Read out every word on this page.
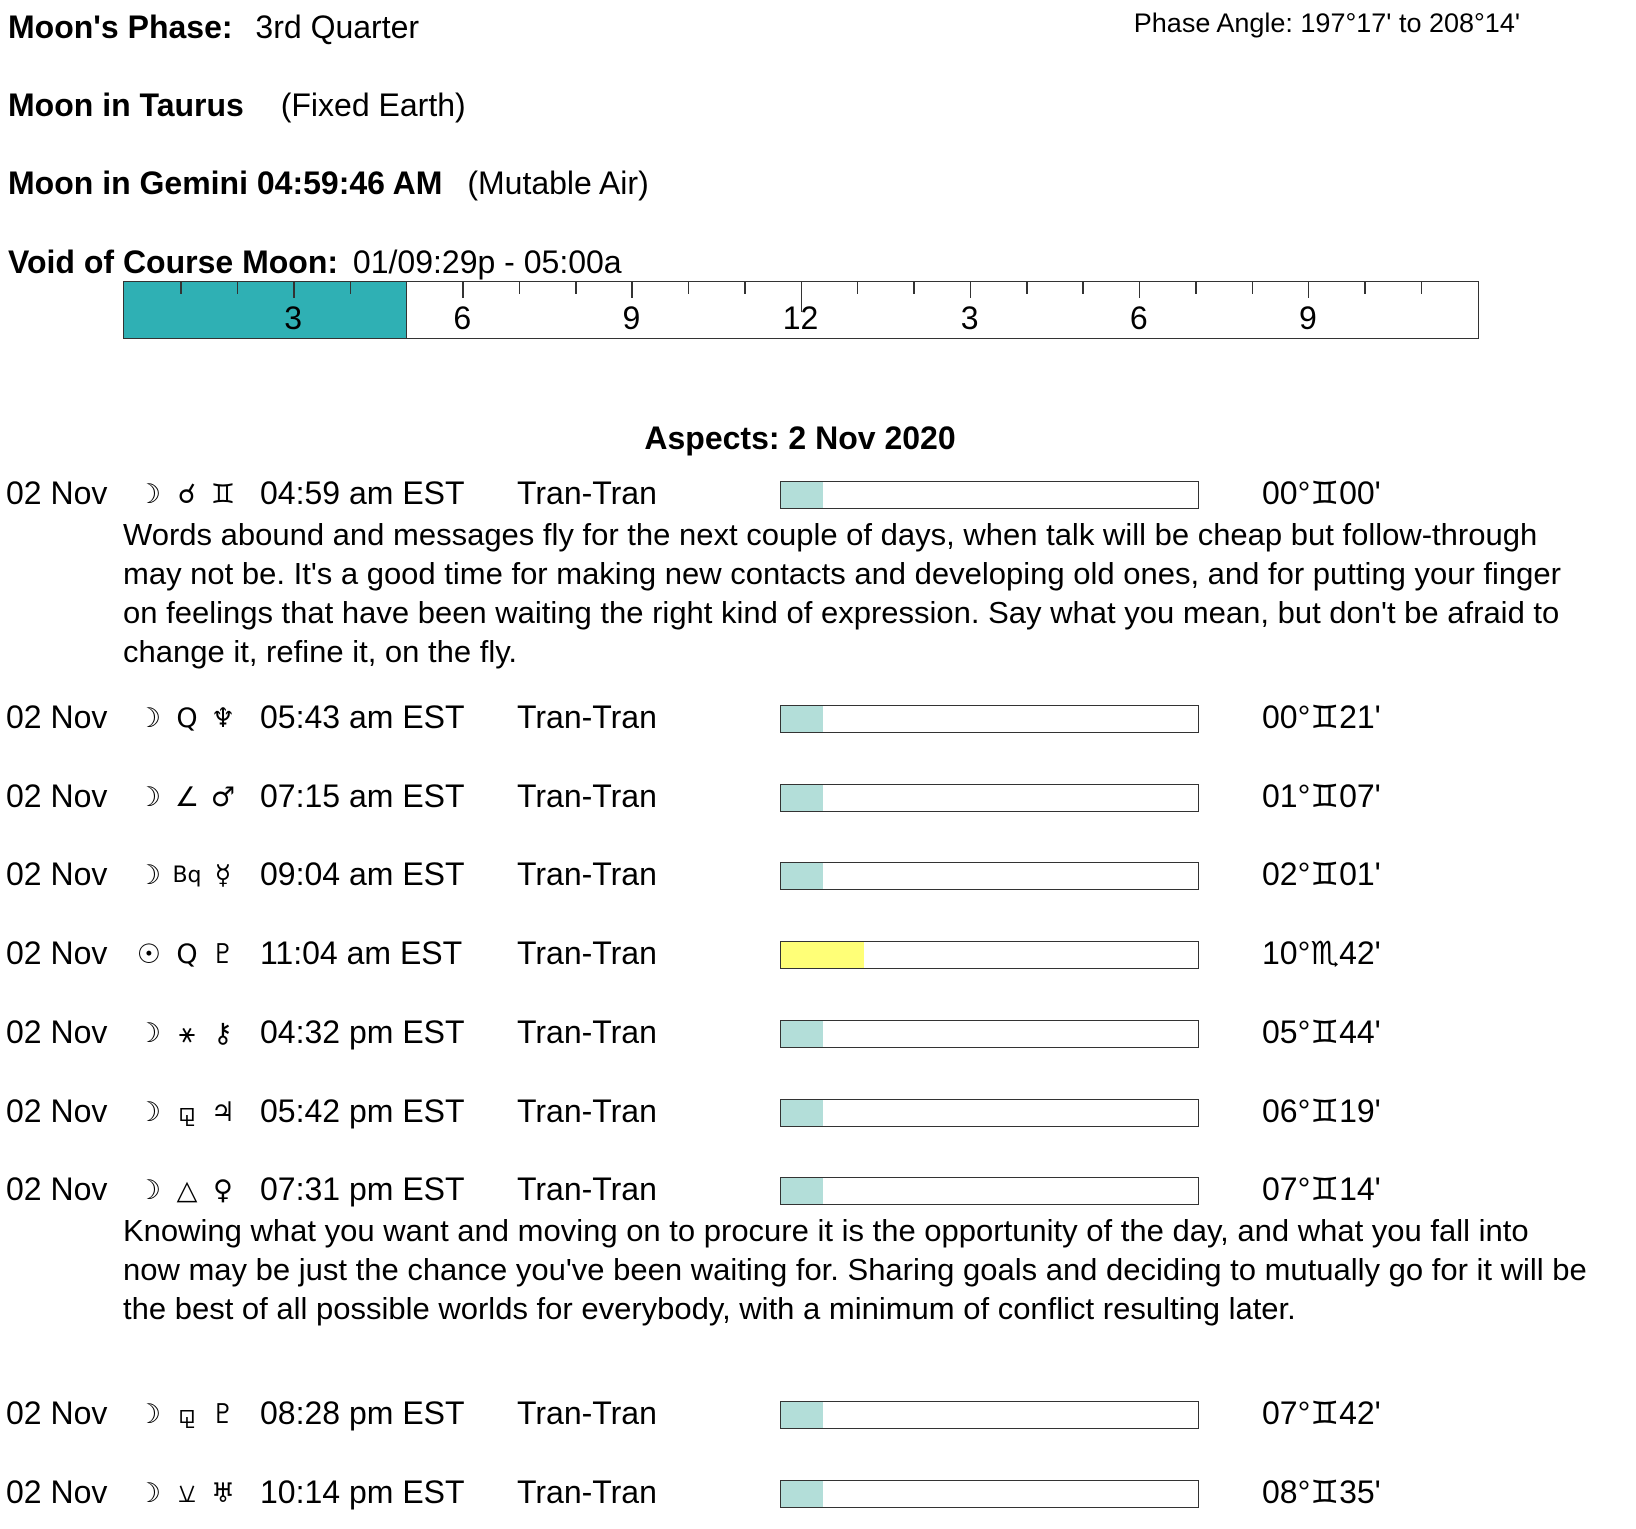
Moon's Phase: 3rd Quarter	Phase Angle: 197°17' to 208°14'
Moon in Taurus (Fixed Earth)
Moon in Gemini 04:59:46 AM (Mutable Air)
Void of Course Moon: 01/09:29p - 05:00a
3	6	9	12	3	6	9
Aspects: 2 Nov 2020
02 Nov ☽ ☌ ♊ 04:59 am EST Tran-Tran	00°♊00'
Words abound and messages fly for the next couple of days, when talk will be cheap but follow-through may not be. It's a good time for making new contacts and developing old ones, and for putting your finger on feelings that have been waiting the right kind of expression. Say what you mean, but don't be afraid to change it, refine it, on the fly.
02 Nov ☽ Q ♆ 05:43 am EST Tran-Tran	00°♊21'
02 Nov ☽ ∠ ♂ 07:15 am EST Tran-Tran	01°♊07'
02 Nov ☽ Bq ☿ 09:04 am EST Tran-Tran	02°♊01'
02 Nov ☉ Q ♇ 11:04 am EST Tran-Tran	10°♏42'
02 Nov ☽ ⚹ ⚷ 04:32 pm EST Tran-Tran	05°♊44'
02 Nov ☽ ⚼ ♃ 05:42 pm EST Tran-Tran	06°♊19'
02 Nov ☽ △ ♀ 07:31 pm EST Tran-Tran	07°♊14'
Knowing what you want and moving on to procure it is the opportunity of the day, and what you fall into now may be just the chance you've been waiting for. Sharing goals and deciding to mutually go for it will be the best of all possible worlds for everybody, with a minimum of conflict resulting later.
02 Nov ☽ ⚼ ♇ 08:28 pm EST Tran-Tran	07°♊42'
02 Nov ☽ ⚺ ♅ 10:14 pm EST Tran-Tran	08°♊35'
